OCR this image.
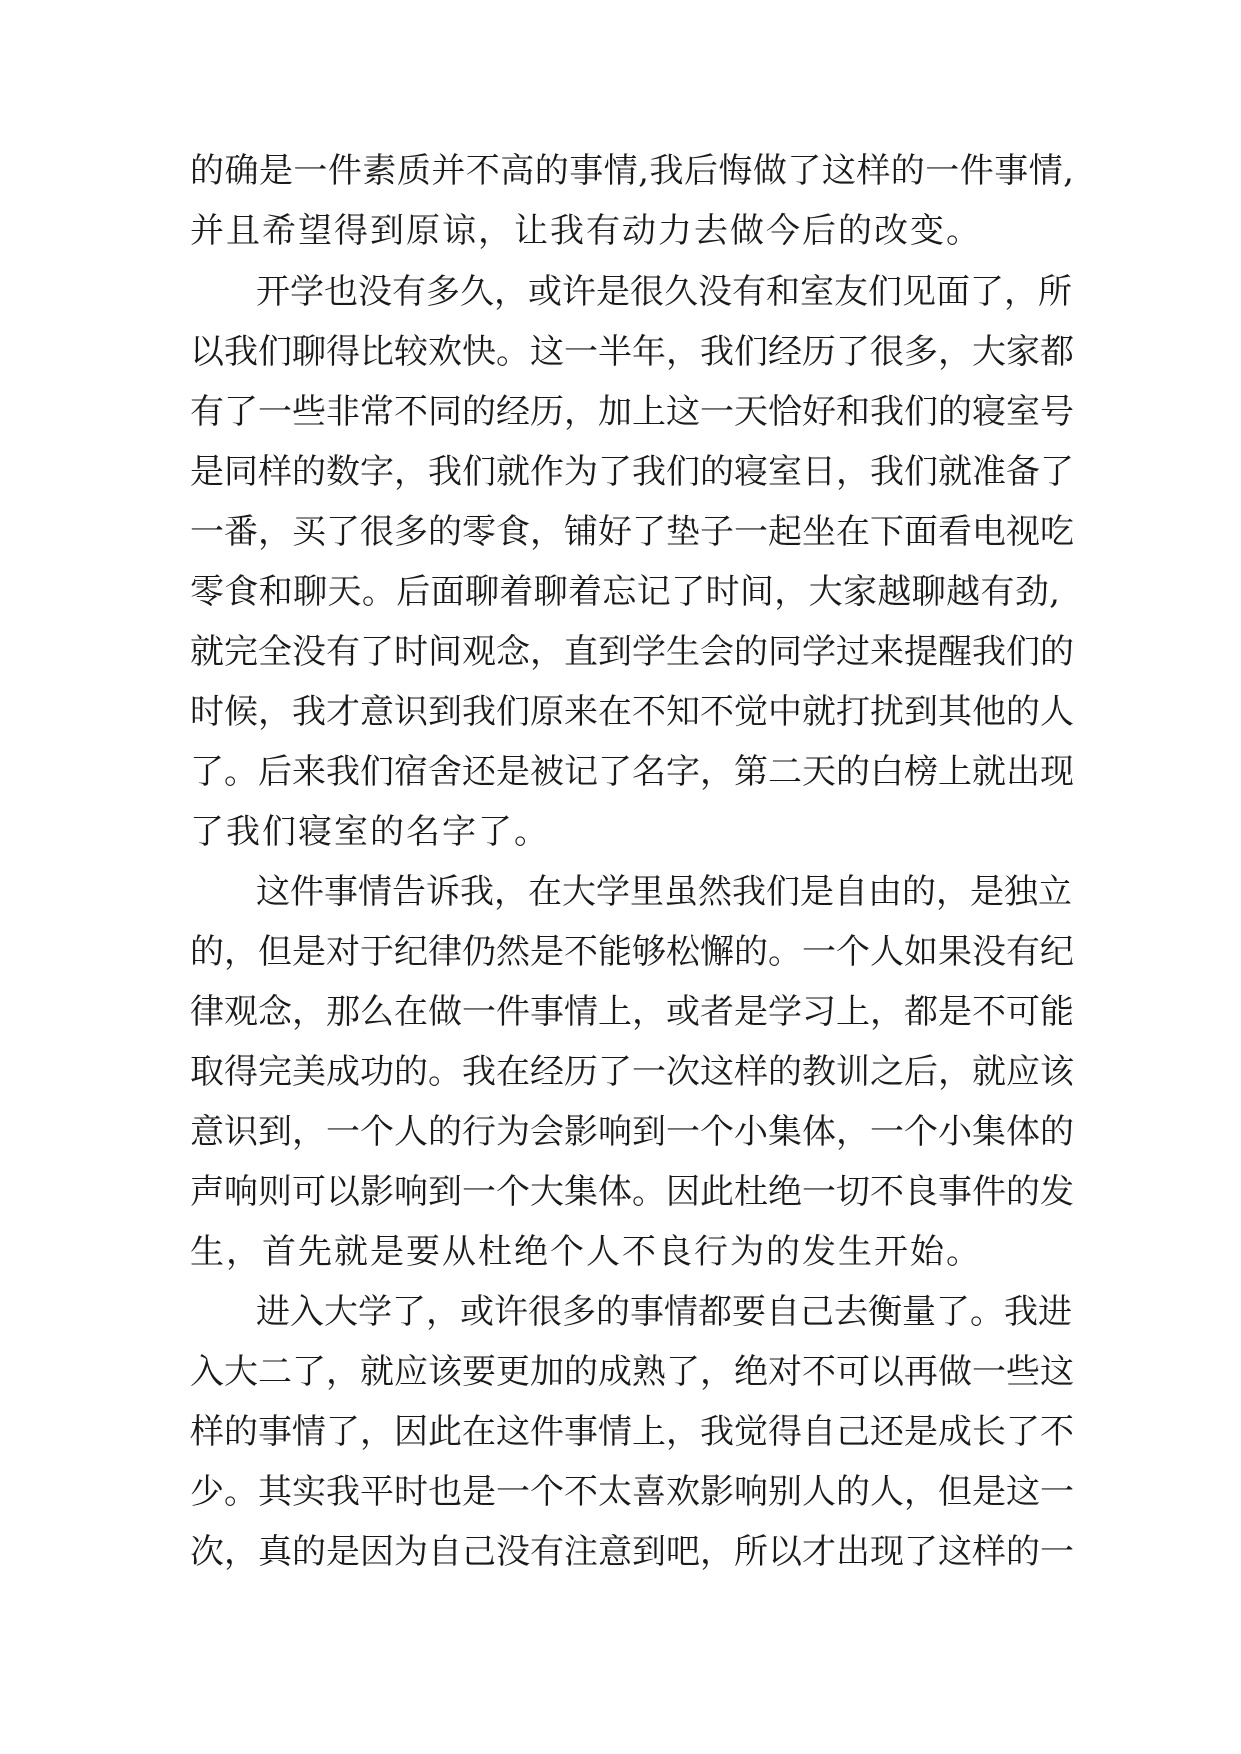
的确是一件素质并不高的事情,我后悔做了这样的一件事情,
并且希望得到原谅，让我有动力去做今后的改变。
开学也没有多久，或许是很久没有和室友们见面了，所
以我们聊得比较欢快。这一半年，我们经历了很多，大家都
有了一些非常不同的经历，加上这一天恰好和我们的寝室号
是同样的数字，我们就作为了我们的寝室日，我们就准备了
一番，买了很多的零食，铺好了垫子一起坐在下面看电视吃
零食和聊天。后面聊着聊着忘记了时间，大家越聊越有劲,
就完全没有了时间观念，直到学生会的同学过来提醒我们的
时候，我才意识到我们原来在不知不觉中就打扰到其他的人
了。后来我们宿舍还是被记了名字，第二天的白榜上就出现
了我们寝室的名字了。
这件事情告诉我，在大学里虽然我们是自由的，是独立
的，但是对于纪律仍然是不能够松懈的。一个人如果没有纪
律观念，那么在做一件事情上，或者是学习上，都是不可能
取得完美成功的。我在经历了一次这样的教训之后，就应该
意识到，一个人的行为会影响到一个小集体，一个小集体的
声响则可以影响到一个大集体。因此杜绝一切不良事件的发
生，首先就是要从杜绝个人不良行为的发生开始。
进入大学了，或许很多的事情都要自己去衡量了。我进
入大二了，就应该要更加的成熟了，绝对不可以再做一些这
样的事情了，因此在这件事情上，我觉得自己还是成长了不
少。其实我平时也是一个不太喜欢影响别人的人，但是这一
次，真的是因为自己没有注意到吧，所以才出现了这样的一
